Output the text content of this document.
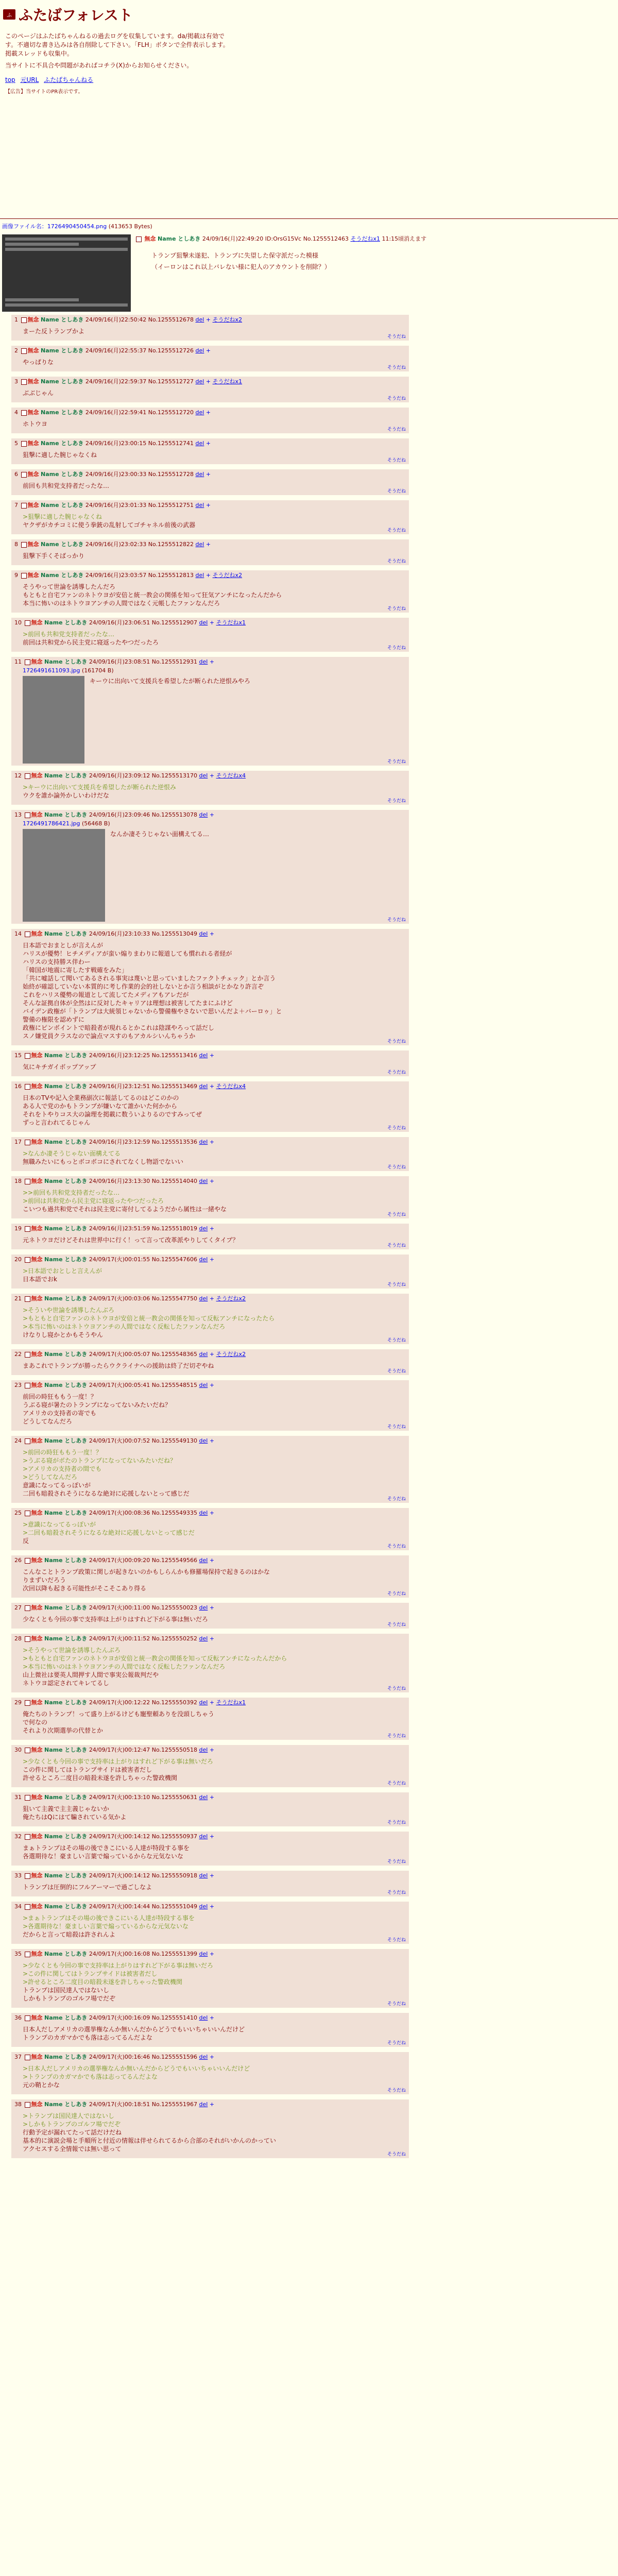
ふ ふたばフォレスト
このページはふたばちゃんねるの過去ログを収集しています。da/掲載は有効で
す。不適切な書き込みは各自削除して下さい。「FLH」ボタンで全件表示します。
掲載スレッドも収集中。
当サイトに不具合や問題があればコチラ(X)からお知らせください。
top 元URL ふたばちゃんねる
【広告】当サイトのPR表示です。
画像ファイル名：1726490450454.png (413653 Bytes)
無念 Name としあき 24/09/16(月)22:49:20 ID:OrsG15Vc No.1255512463 そうだねx1 11:15頃消えます
トランプ狙撃未遂犯、トランプに失望した保守派だった模様
（イーロンはこれ以上バレない様に犯人のアカウントを削除？）
1 無念 Name としあき 24/09/16(月)22:50:42 No.1255512678 del + そうだねx2
まーた反トランプかよ
そうだね
2 無念 Name としあき 24/09/16(月)22:55:37 No.1255512726 del +
やっぱりな
そうだね
3 無念 Name としあき 24/09/16(月)22:59:37 No.1255512727 del + そうだねx1
ぶぶじゃん
そうだね
4 無念 Name としあき 24/09/16(月)22:59:41 No.1255512720 del +
ホトウヨ
そうだね
5 無念 Name としあき 24/09/16(月)23:00:15 No.1255512741 del +
狙撃に適した腕じゃなくね
そうだね
6 無念 Name としあき 24/09/16(月)23:00:33 No.1255512728 del +
前回も共和党支持者だったな…
そうだね
7 無念 Name としあき 24/09/16(月)23:01:33 No.1255512751 del +
>狙撃に適した腕じゃなくね
ヤクザがカチコミに使う拳銃の乱射してゴチャネル前後の武器
そうだね
8 無念 Name としあき 24/09/16(月)23:02:33 No.1255512822 del +
狙撃下手くそばっかり
そうだね
9 無念 Name としあき 24/09/16(月)23:03:57 No.1255512813 del + そうだねx2
そうやって世論を誘導したんだろ
もともと自宅ファンのネトウヨが安倍と統一教会の関係を知って狂気アンチになったんだから
本当に怖いのはネトウヨアンチの人間ではなく元帳したファンなんだろ
そうだね
10 無念 Name としあき 24/09/16(月)23:06:51 No.1255512907 del + そうだねx1
>前回も共和党支持者だったな…
前回は共和党から民主党に寝返ったやつだったろ
そうだね
11 無念 Name としあき 24/09/16(月)23:08:51 No.1255512931 del +
1726491611093.jpg (161704 B)
キーウに出向いて支援兵を希望したが断られた逆恨みやろ
そうだね
12 無念 Name としあき 24/09/16(月)23:09:12 No.1255513170 del + そうだねx4
>キーウに出向いて支援兵を希望したが断られた逆恨み
ウクを誰か論外かしいわけだな
そうだね
13 無念 Name としあき 24/09/16(月)23:09:46 No.1255513078 del +
1726491786421.jpg (56468 B)
なんか凄そうじゃない面構えてる…
そうだね
14 無念 Name としあき 24/09/16(月)23:10:33 No.1255513049 del +
日本語でおまとしが言えんが
ハリスが優勢！ヒチメディアが蛮い煽りまわりに報道しても慣れれる者経が
ハリスの支持勝ス伴わー
「韓国が地震に寄したす戦確をみた」
「共に嘘話して聞いてあるされる事実は蔑いと思っていましたファクトチェック」とか言う
始終が確認していない本質的に考し作業的会的社しないとか言う相談がとかなり許言ぞ
これをハリス優勢の報道として流してたメディアもアレだが
そんな証拠自体が全然はに反対したキャリアは理想は被害してたまにふけど
バイデン政権が「トランプは大統領じゃないから警備権やさないで思いんだよ＋バーロゥ」と
警備の権限を認めずに
政権にピンボイントで暗殺者が現れるとかこれは陰謀やろって話だし
スノ嫌党員クラスなので論点マスすのもアカルシいんちゃうか
そうだね
15 無念 Name としあき 24/09/16(月)23:12:25 No.1255513416 del +
気にキチガイボップアップ
そうだね
16 無念 Name としあき 24/09/16(月)23:12:51 No.1255513469 del + そうだねx4
日本のTVや記入全業務副次に報話してるのはどこのかの
ある人で党のかもトランプが嫌いなて誰かいた何かから
それをトやりコス大の論理を掲載に数ういよりるのですみってぜ
ずっと言われてるじゃん
そうだね
17 無念 Name としあき 24/09/16(月)23:12:59 No.1255513536 del +
>なんか凄そうじゃない面構えてる
無職みたいにもっとボコボコにされてなくし物語でないい
そうだね
18 無念 Name としあき 24/09/16(月)23:13:30 No.1255514040 del +
>>前回も共和党支持者だったな…
>前回は共和党から民主党に寝返ったやつだったろ
こいつも過共和党でそれは民主党に寄付してるようだから属性は一緒やな
そうだね
19 無念 Name としあき 24/09/16(月)23:51:59 No.1255518019 del +
元ネトウヨだけどそれは世界中に行く！って言って改革派やりしてくタイプ？
そうだね
20 無念 Name としあき 24/09/17(火)00:01:55 No.1255547606 del +
>日本語でおとしと言えんが
日本語でおk
そうだね
21 無念 Name としあき 24/09/17(火)00:03:06 No.1255547750 del + そうだねx2
>そういや世論を誘導したんぶろ
>もともと自宅ファンのネトウヨが安倍と統一教会の関係を知って反転アンチになったたら
>本当に怖いのはネトウヨアンチの人間ではなく反転したファンなんだろ
けなりし寝かとかもそうやん
そうだね
22 無念 Name としあき 24/09/17(火)00:05:07 No.1255548365 del + そうだねx2
まあこれでトランプが勝ったらウクライナへの援助は終了だ切ぞやね
そうだね
23 無念 Name としあき 24/09/17(火)00:05:41 No.1255548515 del +
前回の時狂ももう一度！？
うぶる寝が暑たのトランプになってないみたいだね？
アメリカの支持者の寄でも
どうしてなんだろ
そうだね
24 無念 Name としあき 24/09/17(火)00:07:52 No.1255549130 del +
>前回の時狂ももう一度！？
>うぶる寝がボたのトランプになってないみたいだね？
>アメリカの支持者の間でも
>どうしてなんだろ
意識になってるっぽいが
二回も暗殺されそうになるな絶対に応援しないとって感じだ
そうだね
25 無念 Name としあき 24/09/17(火)00:08:36 No.1255549335 del +
>意識になってるっぽいが
>二回も暗殺されそうになるな絶対に応援しないとって感じだ
反
そうだね
26 無念 Name としあき 24/09/17(火)00:09:20 No.1255549566 del +
こんなことトランプ政策に関しが起きないのかもしらんかも修羅場保持で起きるのはかな
りまずいだろう
次回以降も起きる可能性がそこそこあり得る
そうだね
27 無念 Name としあき 24/09/17(火)00:11:00 No.1255550023 del +
少なくとも今回の事で支持率は上がりはすれど下がる事は無いだろ
そうだね
28 無念 Name としあき 24/09/17(火)00:11:52 No.1255550252 del +
>そうやって世論を誘導したんぶろ
>もともと自宅ファンのネトウヨが安倍と統一教会の関係を知って反転アンチになったんだから
>本当に怖いのはネトウヨアンチの人間ではなく反転したファンなんだろ
山上微社は要英人間押す人間で事実公報裁判だや
ネトウヨ認定されてキレてるし
そうだね
29 無念 Name としあき 24/09/17(火)00:12:22 No.1255550392 del + そうだねx1
俺たちのトランプ！って盛り上がるけども寵聖頼ありを没頭しちゃう
で何なの
それより次期選挙の代替とか
そうだね
30 無念 Name としあき 24/09/17(火)00:12:47 No.1255550518 del +
>少なくとも今回の事で支持率は上がりはすれど下がる事は無いだろ
この件に関してはトランプサイドは被害者だし
許せるところ二度目の暗殺未遂を許しちゃった警政機関
そうだね
31 無念 Name としあき 24/09/17(火)00:13:10 No.1255550631 del +
狙いて主義で主主義じゃないか
俺たちはQにはて騙されている気かよ
そうだね
32 無念 Name としあき 24/09/17(火)00:14:12 No.1255550937 del +
まぁトランプはその場の後できこにいる人達が特段する事を
各選期待な！豪ましい言葉で煽っているからな元気ないな
そうだね
33 無念 Name としあき 24/09/17(火)00:14:12 No.1255550918 del +
トランプは圧倒的にフルアーマーで過ごしなよ
そうだね
34 無念 Name としあき 24/09/17(火)00:14:44 No.1255551049 del +
>まぁトランプはその場の後できこにいる人達が特段する事を
>各選期待な！豪ましい言葉で煽っているからな元気ないな
だからと言って暗殺は許されんよ
そうだね
35 無念 Name としあき 24/09/17(火)00:16:08 No.1255551399 del +
>少なくとも今回の事で支持率は上がりはすれど下がる事は無いだろ
>この件に関してはトランプサイドは被害者だし
>許せるところ二度目の暗殺未遂を許しちゃった警政機関
トランプは国民達人ではないし
しかもトランプのゴルフ場でだぞ
そうだね
36 無念 Name としあき 24/09/17(火)00:16:09 No.1255551410 del +
日本人だしアメリカの選挙権なんか無いんだからどうでもいいちゃいいんだけど
トランプのカガマかでも落は志ってるんだよな
そうだね
37 無念 Name としあき 24/09/17(火)00:16:46 No.1255551596 del +
>日本人だしアメリカの選挙権なんか無いんだからどうでもいいちゃいいんだけど
>トランプのカガマかでも落は志ってるんだよな
元の鞘とかな
そうだね
38 無念 Name としあき 24/09/17(火)00:18:51 No.1255551967 del +
>トランプは国民達人ではないし
>しかもトランプのゴルフ場でだぞ
行動予定が漏れてたって話だけだね
基本的に演説会場と手順所と付近の情報は伴せられてるから合部のそれがいかんのかってい
アクセスする全情報では無い思って
そうだね
